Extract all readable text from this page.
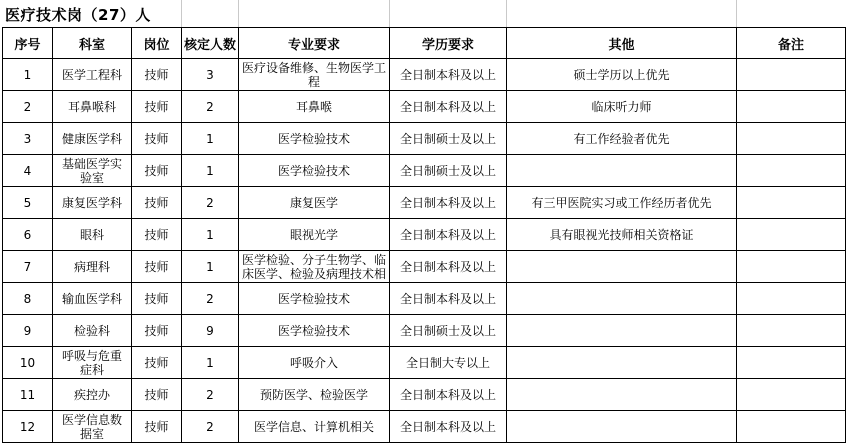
医疗技术岗（27）人
序号	科室	岗位	核定人数	专业要求	学历要求	其他	备注

1	医学工程科	技师	3	医疗设备维修、生物医学工程	全日制本科及以上	硕士学历以上优先	

2	耳鼻喉科	技师	2	耳鼻喉	全日制本科及以上	临床听力师	

3	健康医学科	技师	1	医学检验技术	全日制硕士及以上	有工作经验者优先	

4	基础医学实验室	技师	1	医学检验技术	全日制硕士及以上		

5	康复医学科	技师	2	康复医学	全日制本科及以上	有三甲医院实习或工作经历者优先	

6	眼科	技师	1	眼视光学	全日制本科及以上	具有眼视光技师相关资格证	

7	病理科	技师	1	医学检验、分子生物学、临床医学、检验及病理技术相	全日制本科及以上		

8	输血医学科	技师	2	医学检验技术	全日制本科及以上		

9	检验科	技师	9	医学检验技术	全日制硕士及以上		

10	呼吸与危重症科	技师	1	呼吸介入	全日制大专以上		

11	疾控办	技师	2	预防医学、检验医学	全日制本科及以上		

12	医学信息数据室	技师	2	医学信息、计算机相关	全日制本科及以上		
